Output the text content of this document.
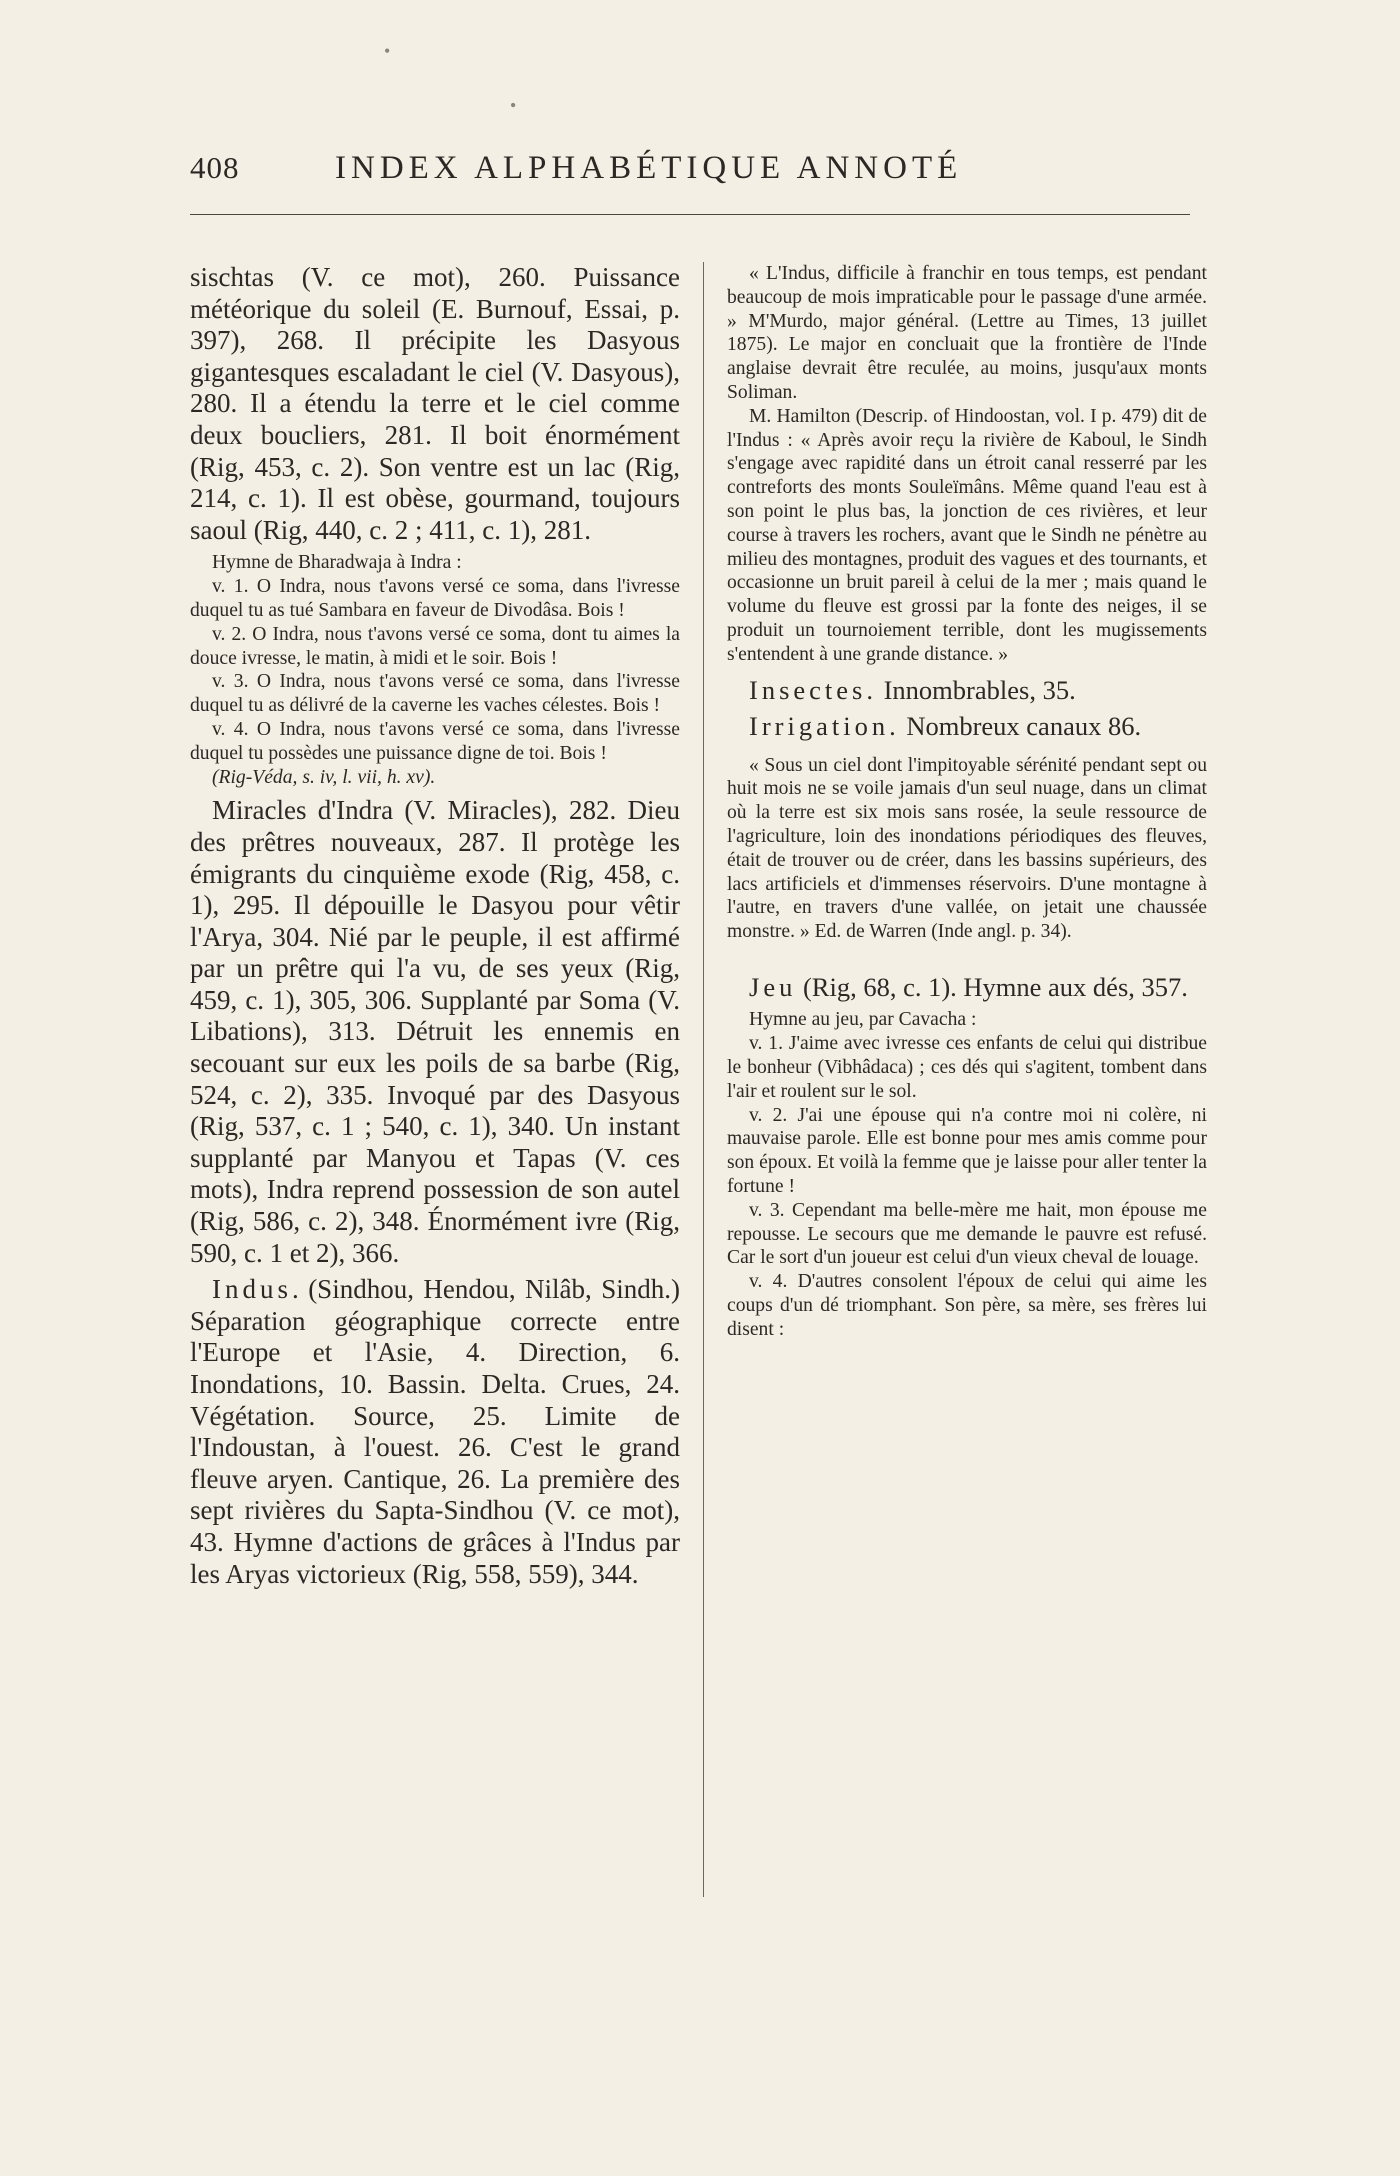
•
•
408	INDEX ALPHABÉTIQUE ANNOTÉ

sischtas (V. ce mot), 260. Puissance météorique du soleil (E. Burnouf, Essai, p. 397), 268. Il précipite les Dasyous gigantesques escaladant le ciel (V. Dasyous), 280. Il a étendu la terre et le ciel comme deux boucliers, 281. Il boit énormément (Rig, 453, c. 2). Son ventre est un lac (Rig, 214, c. 1). Il est obèse, gourmand, toujours saoul (Rig, 440, c. 2 ; 411, c. 1), 281.

Hymne de Bharadwaja à Indra :

v. 1. O Indra, nous t'avons versé ce soma, dans l'ivresse duquel tu as tué Sambara en faveur de Divodâsa. Bois !

v. 2. O Indra, nous t'avons versé ce soma, dont tu aimes la douce ivresse, le matin, à midi et le soir. Bois !

v. 3. O Indra, nous t'avons versé ce soma, dans l'ivresse duquel tu as délivré de la caverne les vaches célestes. Bois !

v. 4. O Indra, nous t'avons versé ce soma, dans l'ivresse duquel tu possèdes une puissance digne de toi. Bois !

(Rig-Véda, s. iv, l. vii, h. xv).

Miracles d'Indra (V. Miracles), 282. Dieu des prêtres nouveaux, 287. Il protège les émigrants du cinquième exode (Rig, 458, c. 1), 295. Il dépouille le Dasyou pour vêtir l'Arya, 304. Nié par le peuple, il est affirmé par un prêtre qui l'a vu, de ses yeux (Rig, 459, c. 1), 305, 306. Supplanté par Soma (V. Libations), 313. Détruit les ennemis en secouant sur eux les poils de sa barbe (Rig, 524, c. 2), 335. Invoqué par des Dasyous (Rig, 537, c. 1 ; 540, c. 1), 340. Un instant supplanté par Manyou et Tapas (V. ces mots), Indra reprend possession de son autel (Rig, 586, c. 2), 348. Énormément ivre (Rig, 590, c. 1 et 2), 366.

Indus. (Sindhou, Hendou, Nilâb, Sindh.) Séparation géographique correcte entre l'Europe et l'Asie, 4. Direction, 6. Inondations, 10. Bassin. Delta. Crues, 24. Végétation. Source, 25. Limite de l'Indoustan, à l'ouest. 26. C'est le grand fleuve aryen. Cantique, 26. La première des sept rivières du Sapta-Sindhou (V. ce mot), 43. Hymne d'actions de grâces à l'Indus par les Aryas victorieux (Rig, 558, 559), 344.

« L'Indus, difficile à franchir en tous temps, est pendant beaucoup de mois impraticable pour le passage d'une armée. » M'Murdo, major général. (Lettre au Times, 13 juillet 1875). Le major en concluait que la frontière de l'Inde anglaise devrait être reculée, au moins, jusqu'aux monts Soliman.

M. Hamilton (Descrip. of Hindoostan, vol. I p. 479) dit de l'Indus : « Après avoir reçu la rivière de Kaboul, le Sindh s'engage avec rapidité dans un étroit canal resserré par les contreforts des monts Souleïmâns. Même quand l'eau est à son point le plus bas, la jonction de ces rivières, et leur course à travers les rochers, avant que le Sindh ne pénètre au milieu des montagnes, produit des vagues et des tournants, et occasionne un bruit pareil à celui de la mer ; mais quand le volume du fleuve est grossi par la fonte des neiges, il se produit un tournoiement terrible, dont les mugissements s'entendent à une grande distance. »

Insectes. Innombrables, 35.

Irrigation. Nombreux canaux 86.

« Sous un ciel dont l'impitoyable sérénité pendant sept ou huit mois ne se voile jamais d'un seul nuage, dans un climat où la terre est six mois sans rosée, la seule ressource de l'agriculture, loin des inondations périodiques des fleuves, était de trouver ou de créer, dans les bassins supérieurs, des lacs artificiels et d'immenses réservoirs. D'une montagne à l'autre, en travers d'une vallée, on jetait une chaussée monstre. » Ed. de Warren (Inde angl. p. 34).

Jeu (Rig, 68, c. 1). Hymne aux dés, 357.

Hymne au jeu, par Cavacha :

v. 1. J'aime avec ivresse ces enfants de celui qui distribue le bonheur (Vibhâdaca) ; ces dés qui s'agitent, tombent dans l'air et roulent sur le sol.

v. 2. J'ai une épouse qui n'a contre moi ni colère, ni mauvaise parole. Elle est bonne pour mes amis comme pour son époux. Et voilà la femme que je laisse pour aller tenter la fortune !

v. 3. Cependant ma belle-mère me hait, mon épouse me repousse. Le secours que me demande le pauvre est refusé. Car le sort d'un joueur est celui d'un vieux cheval de louage.

v. 4. D'autres consolent l'époux de celui qui aime les coups d'un dé triomphant. Son père, sa mère, ses frères lui disent :
